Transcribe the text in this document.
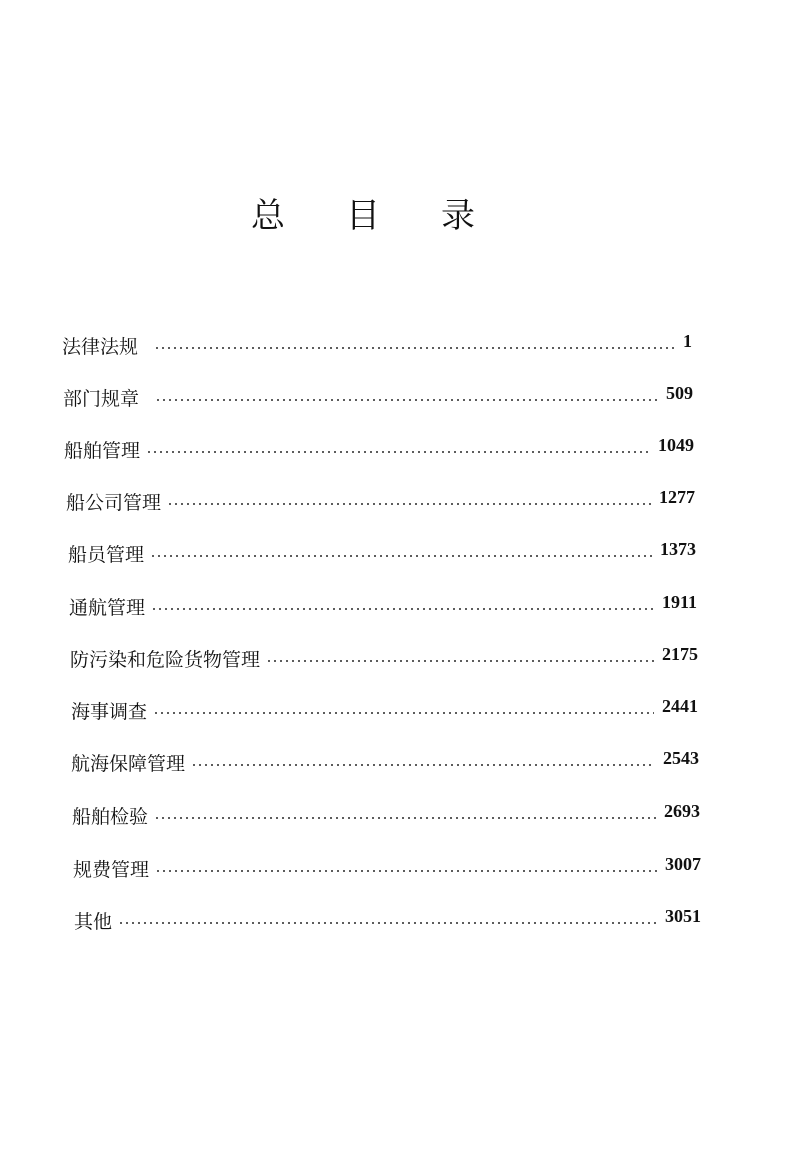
总 目 录
法律法规	1
部门规章	509
船舶管理	1049
船公司管理	1277
船员管理	1373
通航管理	1911
防污染和危险货物管理	2175
海事调查	2441
航海保障管理	2543
船舶检验	2693
规费管理	3007
其他	3051
